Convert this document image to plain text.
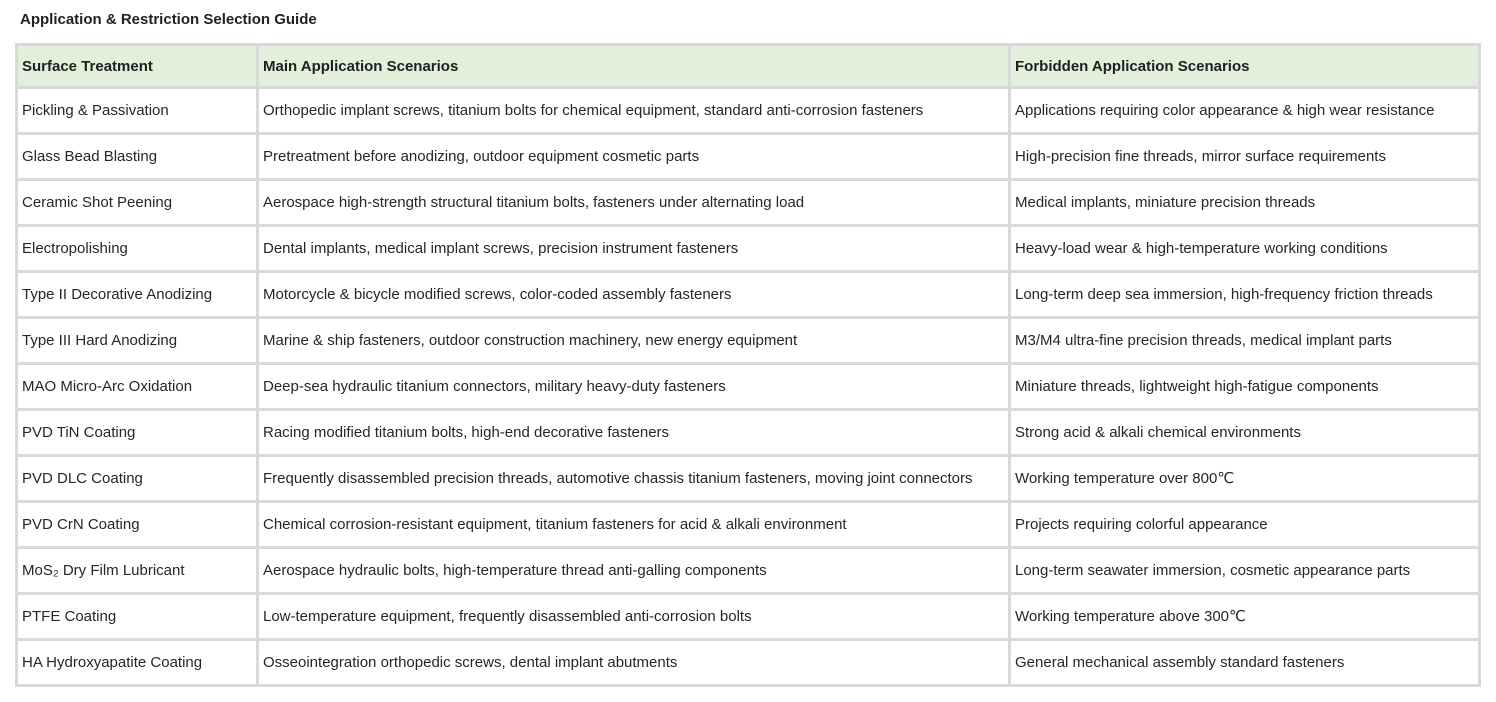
Application & Restriction Selection Guide
Surface Treatment	Main Application Scenarios	Forbidden Application Scenarios
Pickling & Passivation	Orthopedic implant screws, titanium bolts for chemical equipment, standard anti-corrosion fasteners	Applications requiring color appearance & high wear resistance
Glass Bead Blasting	Pretreatment before anodizing, outdoor equipment cosmetic parts	High-precision fine threads, mirror surface requirements
Ceramic Shot Peening	Aerospace high-strength structural titanium bolts, fasteners under alternating load	Medical implants, miniature precision threads
Electropolishing	Dental implants, medical implant screws, precision instrument fasteners	Heavy-load wear & high-temperature working conditions
Type II Decorative Anodizing	Motorcycle & bicycle modified screws, color-coded assembly fasteners	Long-term deep sea immersion, high-frequency friction threads
Type III Hard Anodizing	Marine & ship fasteners, outdoor construction machinery, new energy equipment	M3/M4 ultra-fine precision threads, medical implant parts
MAO Micro-Arc Oxidation	Deep-sea hydraulic titanium connectors, military heavy-duty fasteners	Miniature threads, lightweight high-fatigue components
PVD TiN Coating	Racing modified titanium bolts, high-end decorative fasteners	Strong acid & alkali chemical environments
PVD DLC Coating	Frequently disassembled precision threads, automotive chassis titanium fasteners, moving joint connectors	Working temperature over 800℃
PVD CrN Coating	Chemical corrosion-resistant equipment, titanium fasteners for acid & alkali environment	Projects requiring colorful appearance
MoS₂ Dry Film Lubricant	Aerospace hydraulic bolts, high-temperature thread anti-galling components	Long-term seawater immersion, cosmetic appearance parts
PTFE Coating	Low-temperature equipment, frequently disassembled anti-corrosion bolts	Working temperature above 300℃
HA Hydroxyapatite Coating	Osseointegration orthopedic screws, dental implant abutments	General mechanical assembly standard fasteners
